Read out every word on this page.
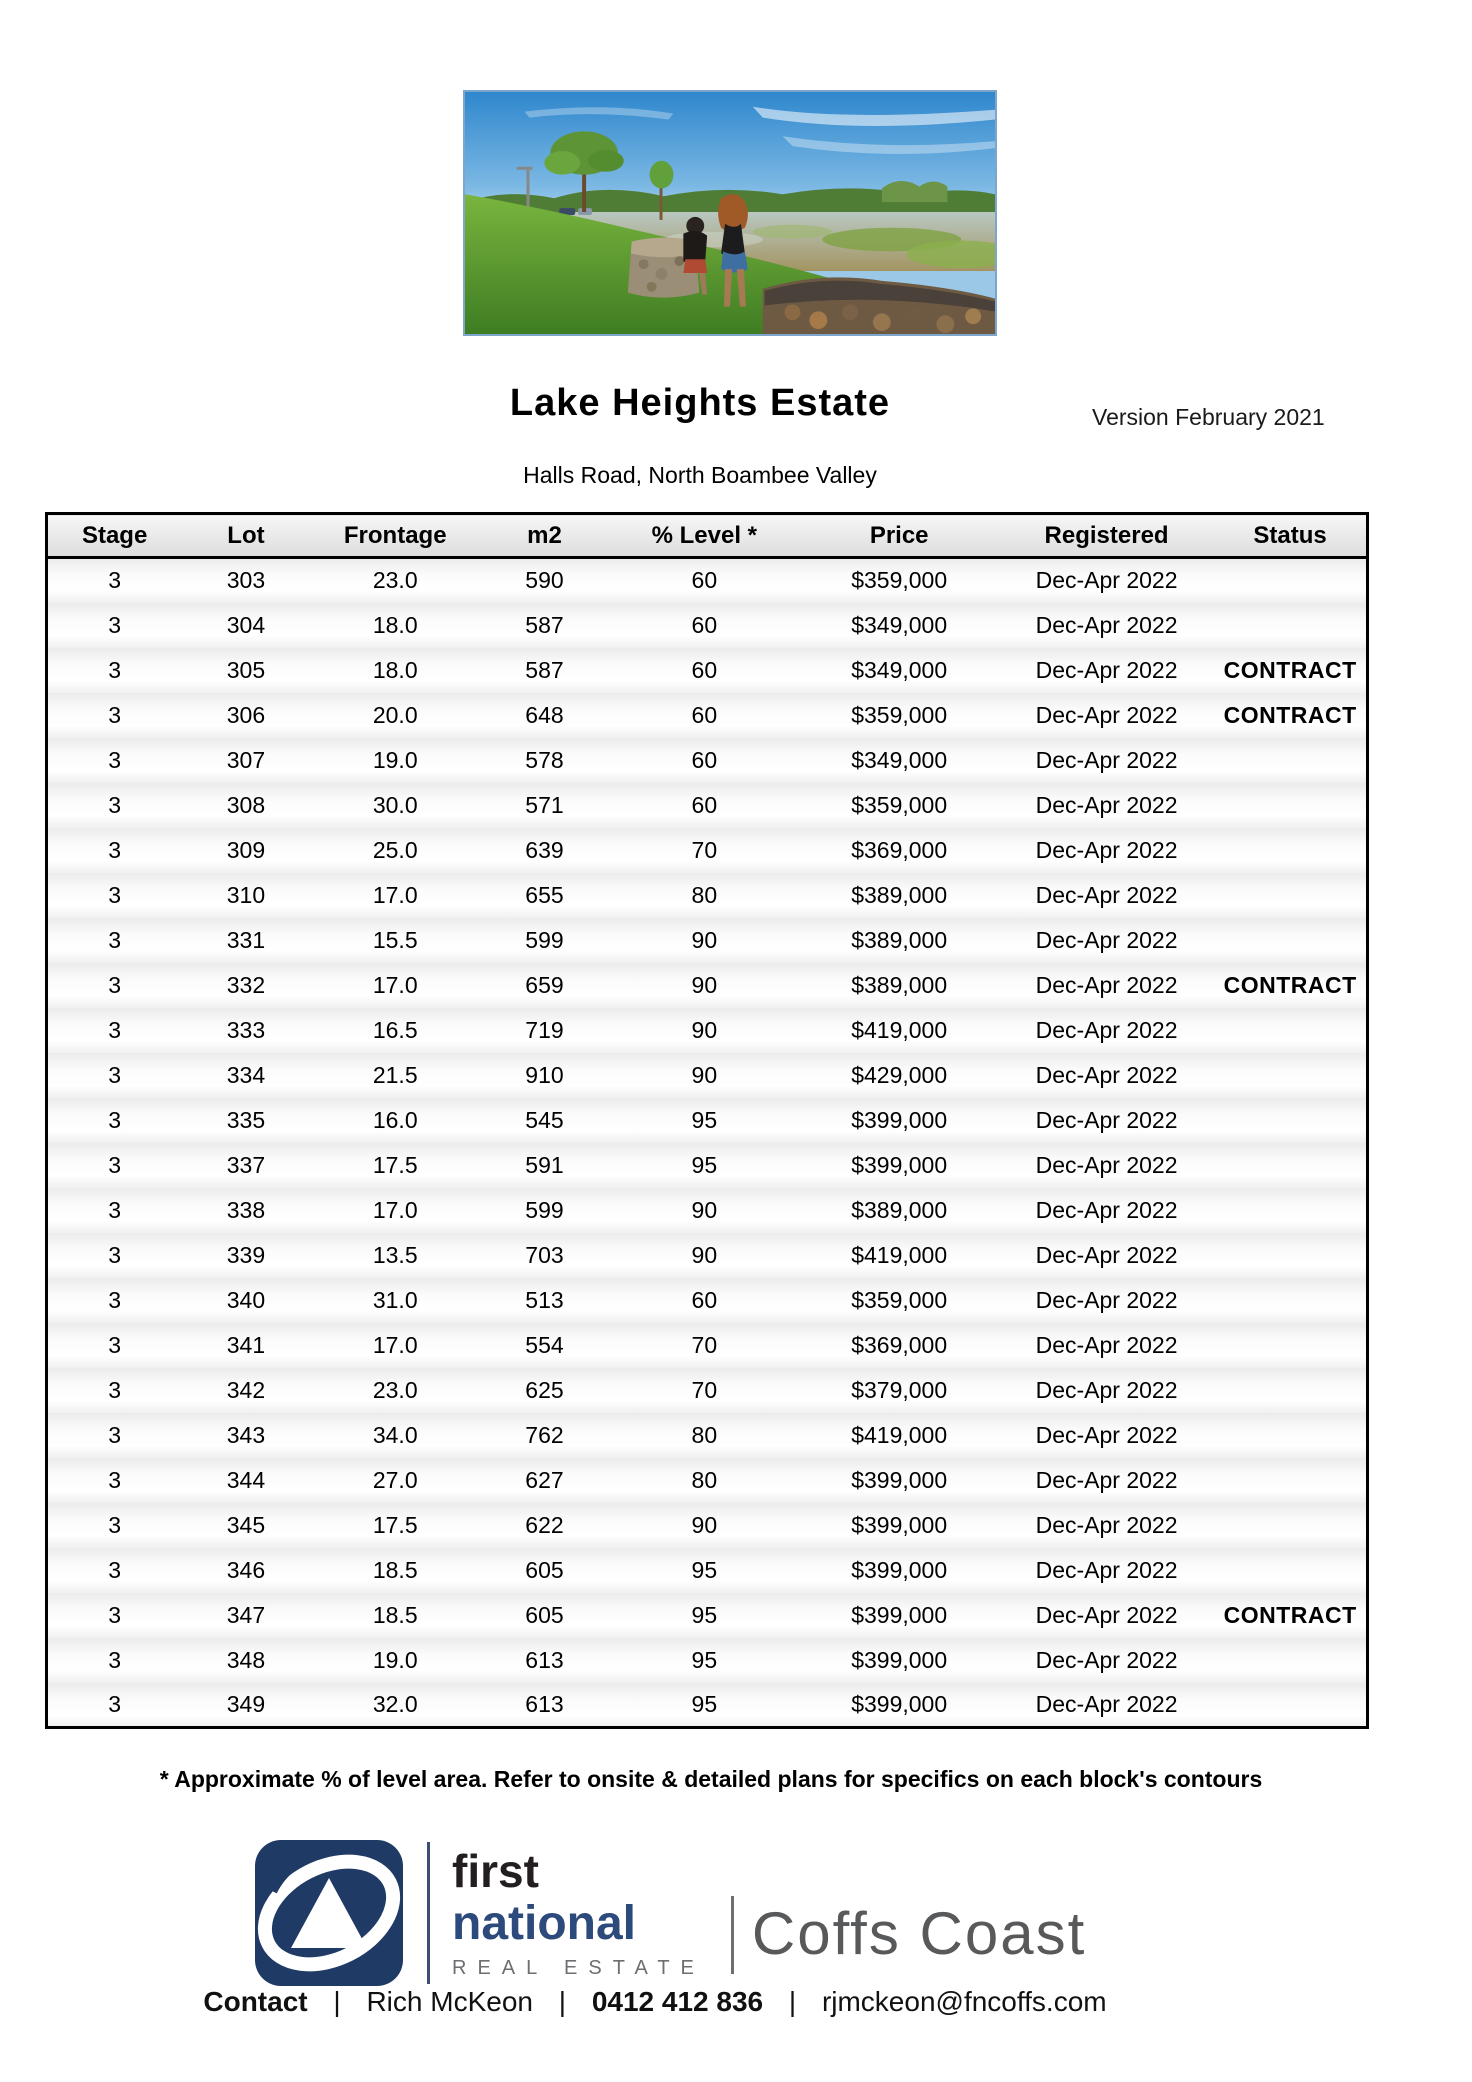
Lake Heights Estate	Version February 2021
Halls Road, North Boambee Valley
Stage	Lot	Frontage	m2	% Level *	Price	Registered	Status
3	303	23.0	590	60	$359,000	Dec-Apr 2022	
3	304	18.0	587	60	$349,000	Dec-Apr 2022	
3	305	18.0	587	60	$349,000	Dec-Apr 2022	CONTRACT
3	306	20.0	648	60	$359,000	Dec-Apr 2022	CONTRACT
3	307	19.0	578	60	$349,000	Dec-Apr 2022	
3	308	30.0	571	60	$359,000	Dec-Apr 2022	
3	309	25.0	639	70	$369,000	Dec-Apr 2022	
3	310	17.0	655	80	$389,000	Dec-Apr 2022	
3	331	15.5	599	90	$389,000	Dec-Apr 2022	
3	332	17.0	659	90	$389,000	Dec-Apr 2022	CONTRACT
3	333	16.5	719	90	$419,000	Dec-Apr 2022	
3	334	21.5	910	90	$429,000	Dec-Apr 2022	
3	335	16.0	545	95	$399,000	Dec-Apr 2022	
3	337	17.5	591	95	$399,000	Dec-Apr 2022	
3	338	17.0	599	90	$389,000	Dec-Apr 2022	
3	339	13.5	703	90	$419,000	Dec-Apr 2022	
3	340	31.0	513	60	$359,000	Dec-Apr 2022	
3	341	17.0	554	70	$369,000	Dec-Apr 2022	
3	342	23.0	625	70	$379,000	Dec-Apr 2022	
3	343	34.0	762	80	$419,000	Dec-Apr 2022	
3	344	27.0	627	80	$399,000	Dec-Apr 2022	
3	345	17.5	622	90	$399,000	Dec-Apr 2022	
3	346	18.5	605	95	$399,000	Dec-Apr 2022	
3	347	18.5	605	95	$399,000	Dec-Apr 2022	CONTRACT
3	348	19.0	613	95	$399,000	Dec-Apr 2022	
3	349	32.0	613	95	$399,000	Dec-Apr 2022	
* Approximate % of level area. Refer to onsite & detailed plans for specifics on each block's contours
first
national
REAL ESTATE
Coffs Coast
Contact | Rich McKeon | 0412 412 836 | rjmckeon@fncoffs.com
